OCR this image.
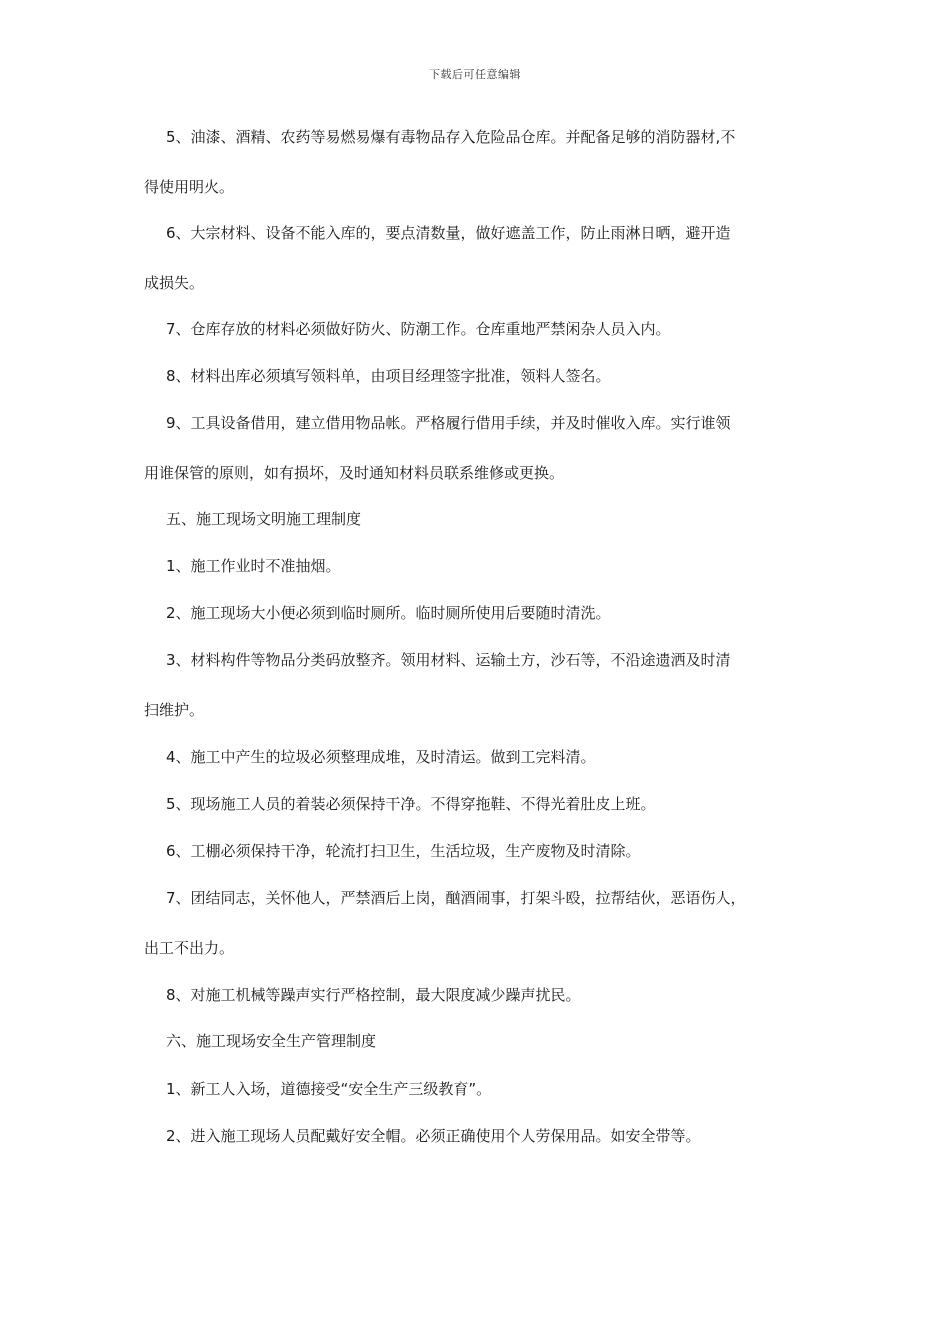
下载后可任意编辑
5、油漆、酒精、农药等易燃易爆有毒物品存入危险品仓库。并配备足够的消防器材,不
得使用明火。
6、大宗材料、设备不能入库的，要点清数量，做好遮盖工作，防止雨淋日晒，避开造
成损失。
7、仓库存放的材料必须做好防火、防潮工作。仓库重地严禁闲杂人员入内。
8、材料出库必须填写领料单，由项目经理签字批准，领料人签名。
9、工具设备借用，建立借用物品帐。严格履行借用手续，并及时催收入库。实行谁领
用谁保管的原则，如有损坏，及时通知材料员联系维修或更换。
五、施工现场文明施工理制度
1、施工作业时不准抽烟。
2、施工现场大小便必须到临时厕所。临时厕所使用后要随时清洗。
3、材料构件等物品分类码放整齐。领用材料、运输土方，沙石等，不沿途遗洒及时清
扫维护。
4、施工中产生的垃圾必须整理成堆，及时清运。做到工完料清。
5、现场施工人员的着装必须保持干净。不得穿拖鞋、不得光着肚皮上班。
6、工棚必须保持干净，轮流打扫卫生，生活垃圾，生产废物及时清除。
7、团结同志，关怀他人，严禁酒后上岗，酗酒闹事，打架斗殴，拉帮结伙，恶语伤人，
出工不出力。
8、对施工机械等躁声实行严格控制，最大限度减少躁声扰民。
六、施工现场安全生产管理制度
1、新工人入场，道德接受“安全生产三级教育”。
2、进入施工现场人员配戴好安全帽。必须正确使用个人劳保用品。如安全带等。
